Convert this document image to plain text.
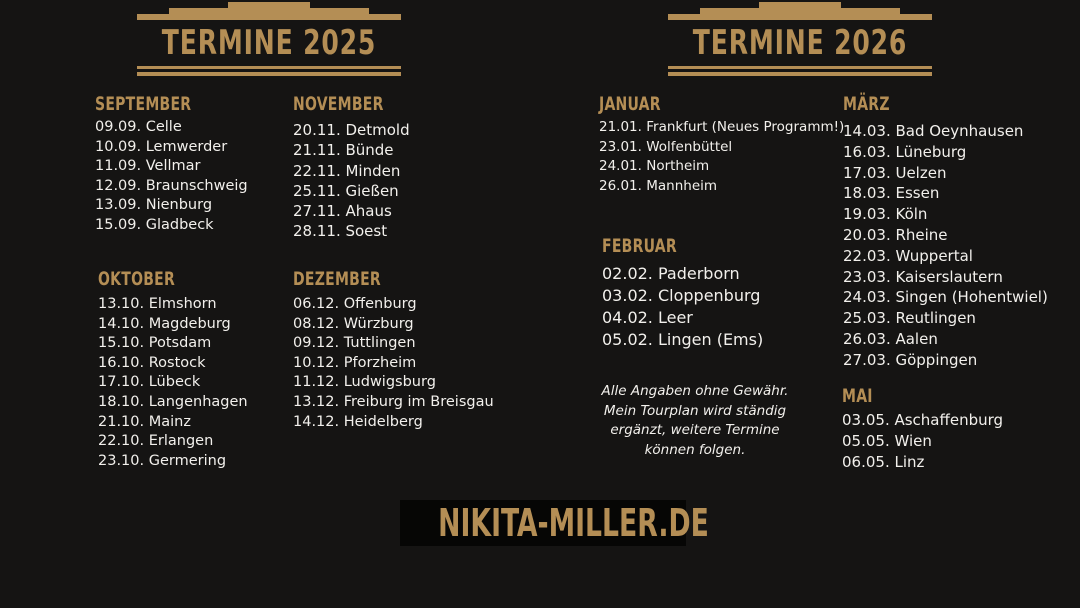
TERMINE 2025	TERMINE 2026
SEPTEMBER
09.09. Celle
10.09. Lemwerder
11.09. Vellmar
12.09. Braunschweig
13.09. Nienburg
15.09. Gladbeck
NOVEMBER
20.11. Detmold
21.11. Bünde
22.11. Minden
25.11. Gießen
27.11. Ahaus
28.11. Soest
OKTOBER
13.10. Elmshorn
14.10. Magdeburg
15.10. Potsdam
16.10. Rostock
17.10. Lübeck
18.10. Langenhagen
21.10. Mainz
22.10. Erlangen
23.10. Germering
DEZEMBER
06.12. Offenburg
08.12. Würzburg
09.12. Tuttlingen
10.12. Pforzheim
11.12. Ludwigsburg
13.12. Freiburg im Breisgau
14.12. Heidelberg
JANUAR
21.01. Frankfurt (Neues Programm!)
23.01. Wolfenbüttel
24.01. Northeim
26.01. Mannheim
FEBRUAR
02.02. Paderborn
03.02. Cloppenburg
04.02. Leer
05.02. Lingen (Ems)
Alle Angaben ohne Gewähr.
Mein Tourplan wird ständig
ergänzt, weitere Termine
können folgen.
MÄRZ
14.03. Bad Oeynhausen
16.03. Lüneburg
17.03. Uelzen
18.03. Essen
19.03. Köln
20.03. Rheine
22.03. Wuppertal
23.03. Kaiserslautern
24.03. Singen (Hohentwiel)
25.03. Reutlingen
26.03. Aalen
27.03. Göppingen
MAI
03.05. Aschaffenburg
05.05. Wien
06.05. Linz
NIKITA-MILLER.DE
